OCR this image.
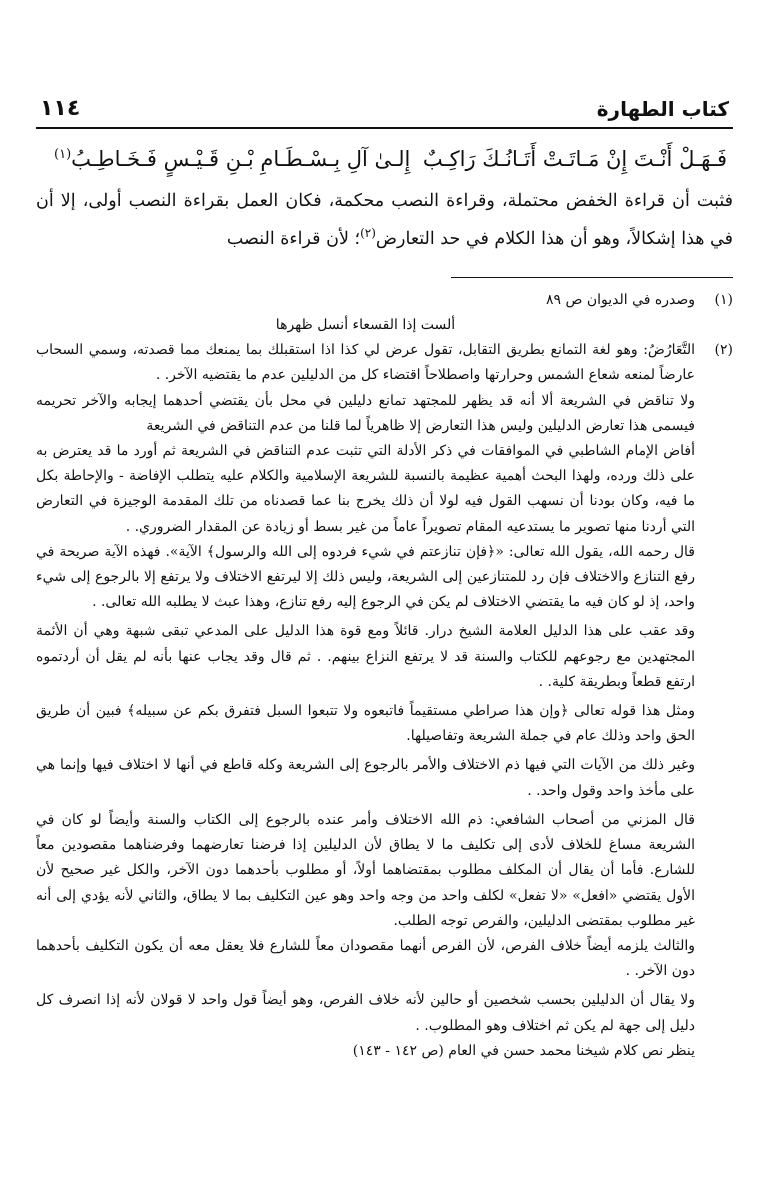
كتاب الطهارة
١١٤
فَـهَـلْ أَنْـتَ إِنْ مَـاتَـتْ أَتَـانُـكَ رَاكِـبٌ
إِلـىٰ آلِ بِـسْـطَـامِ بْـنِ قَـيْـسٍ فَـخَـاطِـبُ$^{(١)}$

فثبت أن قراءة الخفض محتملة، وقراءة النصب محكمة، فكان العمل بقراءة النصب أولى، إلا أن في هذا إشكالاً، وهو أن هذا الكلام في حد التعارض$^{(٢)}$؛ لأن قراءة النصب

(١)

وصدره في الديوان ص ٨٩

ألست إذا القسعاء أنسل ظهرها

(٢)

التَّعَارُضُ: وهو لغة التمانع بطريق التقابل، تقول عرض لي كذا اذا استقبلك بما يمنعك مما قصدته، وسمي السحاب عارضاً لمنعه شعاع الشمس وحرارتها واصطلاحاً اقتضاء كل من الدليلين عدم ما يقتضيه الآخر. .

ولا تناقض في الشريعة ألا أنه قد يظهر للمجتهد تمانع دليلين في محل بأن يقتضي أحدهما إيجابه والآخر تحريمه فيسمى هذا تعارض الدليلين وليس هذا التعارض إلا ظاهرياً لما قلنا من عدم التناقض في الشريعة

أفاض الإمام الشاطبي في الموافقات في ذكر الأدلة التي تثبت عدم التناقض في الشريعة ثم أورد ما قد يعترض به على ذلك ورده، ولهذا البحث أهمية عظيمة بالنسبة للشريعة الإسلامية والكلام عليه يتطلب الإفاضة - والإحاطة بكل ما فيه، وكان بودنا أن نسهب القول فيه لولا أن ذلك يخرج بنا عما قصدناه من تلك المقدمة الوجيزة في التعارض التي أردنا منها تصوير ما يستدعيه المقام تصويراً عاماً من غير بسط أو زيادة عن المقدار الضروري. .

قال رحمه الله، يقول الله تعالى: «﴿فإن تنازعتم في شيء فردوه إلى الله والرسول﴾ الآية». فهذه الآية صريحة في رفع التنازع والاختلاف فإن رد للمتنازعين إلى الشريعة، وليس ذلك إلا ليرتفع الاختلاف ولا يرتفع إلا بالرجوع إلى شيء واحد، إذ لو كان فيه ما يقتضي الاختلاف لم يكن في الرجوع إليه رفع تنازع، وهذا عبث لا يطلبه الله تعالى. .

وقد عقب على هذا الدليل العلامة الشيخ درار. قائلاً ومع قوة هذا الدليل على المدعي تبقى شبهة وهي أن الأئمة المجتهدين مع رجوعهم للكتاب والسنة قد لا يرتفع النزاع بينهم. . ثم قال وقد يجاب عنها بأنه لم يقل أن أردتموه ارتفع قطعاً وبطريقة كلية. .

ومثل هذا قوله تعالى ﴿وإن هذا صراطي مستقيماً فاتبعوه ولا تتبعوا السبل فتفرق بكم عن سبيله﴾ فبين أن طريق الحق واحد وذلك عام في جملة الشريعة وتفاصيلها.

وغير ذلك من الآيات التي فيها ذم الاختلاف والأمر بالرجوع إلى الشريعة وكله قاطع في أنها لا اختلاف فيها وإنما هي على مأخذ واحد وقول واحد. .

قال المزني من أصحاب الشافعي: ذم الله الاختلاف وأمر عنده بالرجوع إلى الكتاب والسنة وأيضاً لو كان في الشريعة مساغ للخلاف لأدى إلى تكليف ما لا يطاق لأن الدليلين إذا فرضنا تعارضهما وفرضناهما مقصودين معاً للشارع. فأما أن يقال أن المكلف مطلوب بمقتضاهما أولاً، أو مطلوب بأحدهما دون الآخر، والكل غير صحيح لأن الأول يقتضي «افعل» «لا تفعل» لكلف واحد من وجه واحد وهو عين التكليف بما لا يطاق، والثاني لأنه يؤدي إلى أنه غير مطلوب بمقتضى الدليلين، والفرص توجه الطلب.

والثالث يلزمه أيضاً خلاف الفرص، لأن الفرص أنهما مقصودان معاً للشارع فلا يعقل معه أن يكون التكليف بأحدهما دون الآخر. .

ولا يقال أن الدليلين بحسب شخصين أو حالين لأنه خلاف الفرص، وهو أيضاً قول واحد لا قولان لأنه إذا انصرف كل دليل إلى جهة لم يكن ثم اختلاف وهو المطلوب. .

ينظر نص كلام شيخنا محمد حسن في العام (ص ١٤٢ - ١٤٣)
